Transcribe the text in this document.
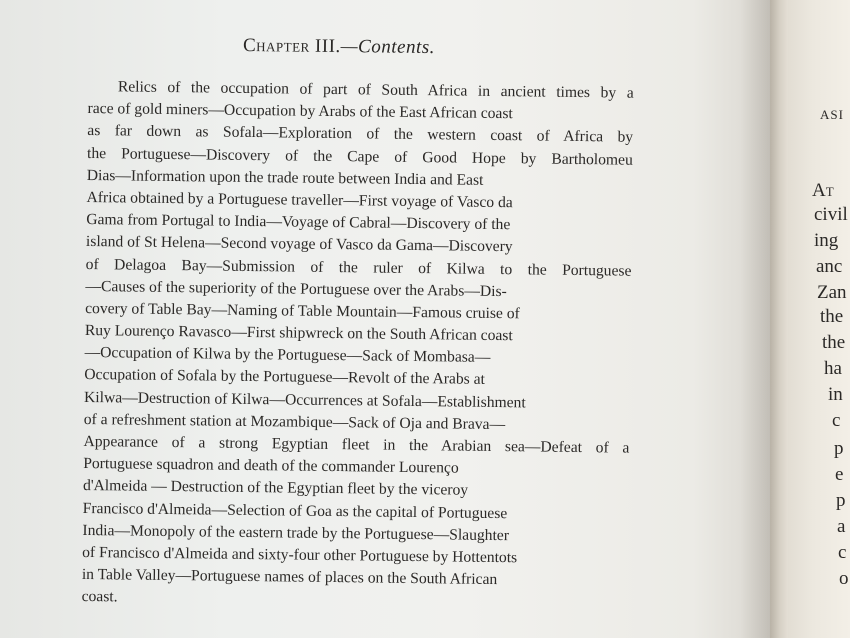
Chapter III.—Contents.
Relics of the occupation of part of South Africa in ancient times by a
race of gold miners—Occupation by Arabs of the East African coast
as far down as Sofala—Exploration of the western coast of Africa by
the Portuguese—Discovery of the Cape of Good Hope by Bartholomeu
Dias—Information upon the trade route between India and East
Africa obtained by a Portuguese traveller—First voyage of Vasco da
Gama from Portugal to India—Voyage of Cabral—Discovery of the
island of St Helena—Second voyage of Vasco da Gama—Discovery
of Delagoa Bay—Submission of the ruler of Kilwa to the Portuguese
—Causes of the superiority of the Portuguese over the Arabs—Dis-
covery of Table Bay—Naming of Table Mountain—Famous cruise of
Ruy Lourenço Ravasco—First shipwreck on the South African coast
—Occupation of Kilwa by the Portuguese—Sack of Mombasa—
Occupation of Sofala by the Portuguese—Revolt of the Arabs at
Kilwa—Destruction of Kilwa—Occurrences at Sofala—Establishment
of a refreshment station at Mozambique—Sack of Oja and Brava—
Appearance of a strong Egyptian fleet in the Arabian sea—Defeat of a
Portuguese squadron and death of the commander Lourenço
d'Almeida — Destruction of the Egyptian fleet by the viceroy
Francisco d'Almeida—Selection of Goa as the capital of Portuguese
India—Monopoly of the eastern trade by the Portuguese—Slaughter
of Francisco d'Almeida and sixty-four other Portuguese by Hottentots
in Table Valley—Portuguese names of places on the South African
coast.
ASI
At
civil
ing
anc
Zan
the
the
ha
in
c
p
e
p
a
c
o
